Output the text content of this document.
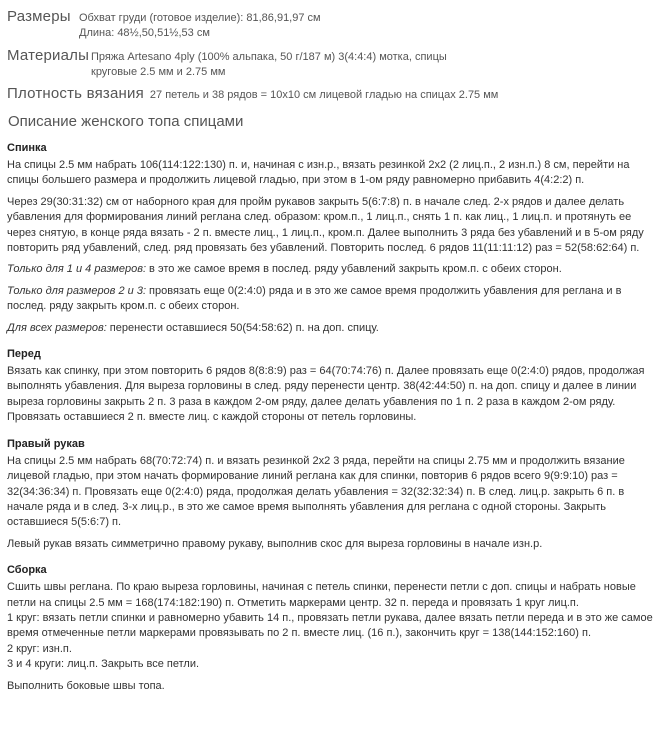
Размеры Обхват груди (готовое изделие): 81,86,91,97 см
Длина: 48½,50,51½,53 см
Материалы Пряжа Artesano 4ply (100% альпака, 50 г/187 м) 3(4:4:4) мотка, спицы
круговые 2.5 мм и 2.75 мм
Плотность вязания 27 петель и 38 рядов = 10х10 см лицевой гладью на спицах 2.75 мм
Описание женского топа спицами
Спинка

На спицы 2.5 мм набрать 106(114:122:130) п. и, начиная с изн.р., вязать резинкой 2х2 (2 лиц.п., 2 изн.п.) 8 см, перейти на спицы большего размера и продолжить лицевой гладью, при этом в 1-ом ряду равномерно прибавить 4(4:2:2) п.

Через 29(30:31:32) см от наборного края для пройм рукавов закрыть 5(6:7:8) п. в начале след. 2-х рядов и далее делать убавления для формирования линий реглана след. образом: кром.п., 1 лиц.п., снять 1 п. как лиц., 1 лиц.п. и протянуть ее через снятую, в конце ряда вязать - 2 п. вместе лиц., 1 лиц.п., кром.п. Далее выполнить 3 ряда без убавлений и в 5-ом ряду повторить ряд убавлений, след. ряд провязать без убавлений. Повторить послед. 6 рядов 11(11:11:12) раз = 52(58:62:64) п.

Только для 1 и 4 размеров: в это же самое время в послед. ряду убавлений закрыть кром.п. с обеих сторон.

Только для размеров 2 и 3: провязать еще 0(2:4:0) ряда и в это же самое время продолжить убавления для реглана и в послед. ряду закрыть кром.п. с обеих сторон.

Для всех размеров: перенести оставшиеся 50(54:58:62) п. на доп. спицу.

Перед

Вязать как спинку, при этом повторить 6 рядов 8(8:8:9) раз = 64(70:74:76) п. Далее провязать еще 0(2:4:0) рядов, продолжая выполнять убавления. Для выреза горловины в след. ряду перенести центр. 38(42:44:50) п. на доп. спицу и далее в линии выреза горловины закрыть 2 п. 3 раза в каждом 2-ом ряду, далее делать убавления по 1 п. 2 раза в каждом 2-ом ряду. Провязать оставшиеся 2 п. вместе лиц. с каждой стороны от петель горловины.

Правый рукав

На спицы 2.5 мм набрать 68(70:72:74) п. и вязать резинкой 2х2 3 ряда, перейти на спицы 2.75 мм и продолжить вязание лицевой гладью, при этом начать формирование линий реглана как для спинки, повторив 6 рядов всего 9(9:9:10) раз = 32(34:36:34) п. Провязать еще 0(2:4:0) ряда, продолжая делать убавления = 32(32:32:34) п. В след. лиц.р. закрыть 6 п. в начале ряда и в след. 3-х лиц.р., в это же самое время выполнять убавления для реглана с одной стороны. Закрыть оставшиеся 5(5:6:7) п.

Левый рукав вязать симметрично правому рукаву, выполнив скос для выреза горловины в начале изн.р.

Сборка

Сшить швы реглана. По краю выреза горловины, начиная с петель спинки, перенести петли с доп. спицы и набрать новые петли на спицы 2.5 мм = 168(174:182:190) п. Отметить маркерами центр. 32 п. переда и провязать 1 круг лиц.п.

1 круг: вязать петли спинки и равномерно убавить 14 п., провязать петли рукава, далее вязать петли переда и в это же самое время отмеченные петли маркерами провязывать по 2 п. вместе лиц. (16 п.), закончить круг = 138(144:152:160) п.

2 круг: изн.п.

3 и 4 круги: лиц.п. Закрыть все петли.

Выполнить боковые швы топа.
